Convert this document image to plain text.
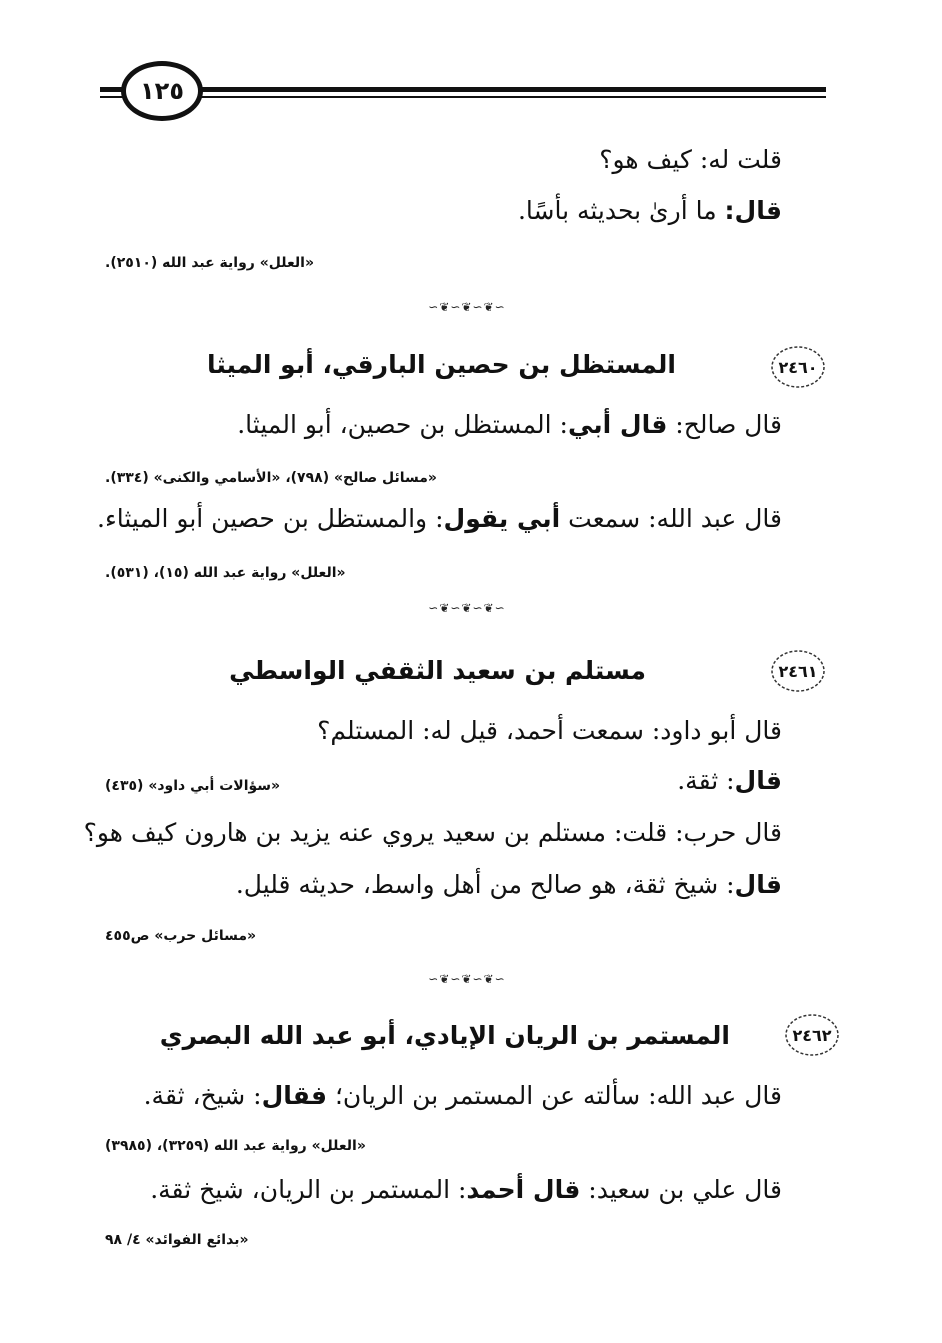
١٢٥
قلت له: كيف هو؟
قال: ما أرىٰ بحديثه بأسًا.
«العلل» رواية عبد الله (٢٥١٠).
∽❦∽❦∽❦∽
٢٤٦٠
المستظل بن حصين البارقي، أبو الميثا
قال صالح: قال أبي: المستظل بن حصين، أبو الميثا.
«مسائل صالح» (٧٩٨)، «الأسامي والكنى» (٣٣٤).
قال عبد الله: سمعت أبي يقول: والمستظل بن حصين أبو الميثاء.
«العلل» رواية عبد الله (١٥)، (٥٣١).
∽❦∽❦∽❦∽
٢٤٦١
مستلم بن سعيد الثقفي الواسطي
قال أبو داود: سمعت أحمد، قيل له: المستلم؟
قال: ثقة.
«سؤالات أبي داود» (٤٣٥)
قال حرب: قلت: مستلم بن سعيد يروي عنه يزيد بن هارون كيف هو؟
قال: شيخ ثقة، هو صالح من أهل واسط، حديثه قليل.
«مسائل حرب» ص٤٥٥
∽❦∽❦∽❦∽
٢٤٦٢
المستمر بن الريان الإيادي، أبو عبد الله البصري
قال عبد الله: سألته عن المستمر بن الريان؛ فقال: شيخ، ثقة.
«العلل» رواية عبد الله (٣٢٥٩)، (٣٩٨٥)
قال علي بن سعيد: قال أحمد: المستمر بن الريان، شيخ ثقة.
«بدائع الفوائد» ٤/ ٩٨
